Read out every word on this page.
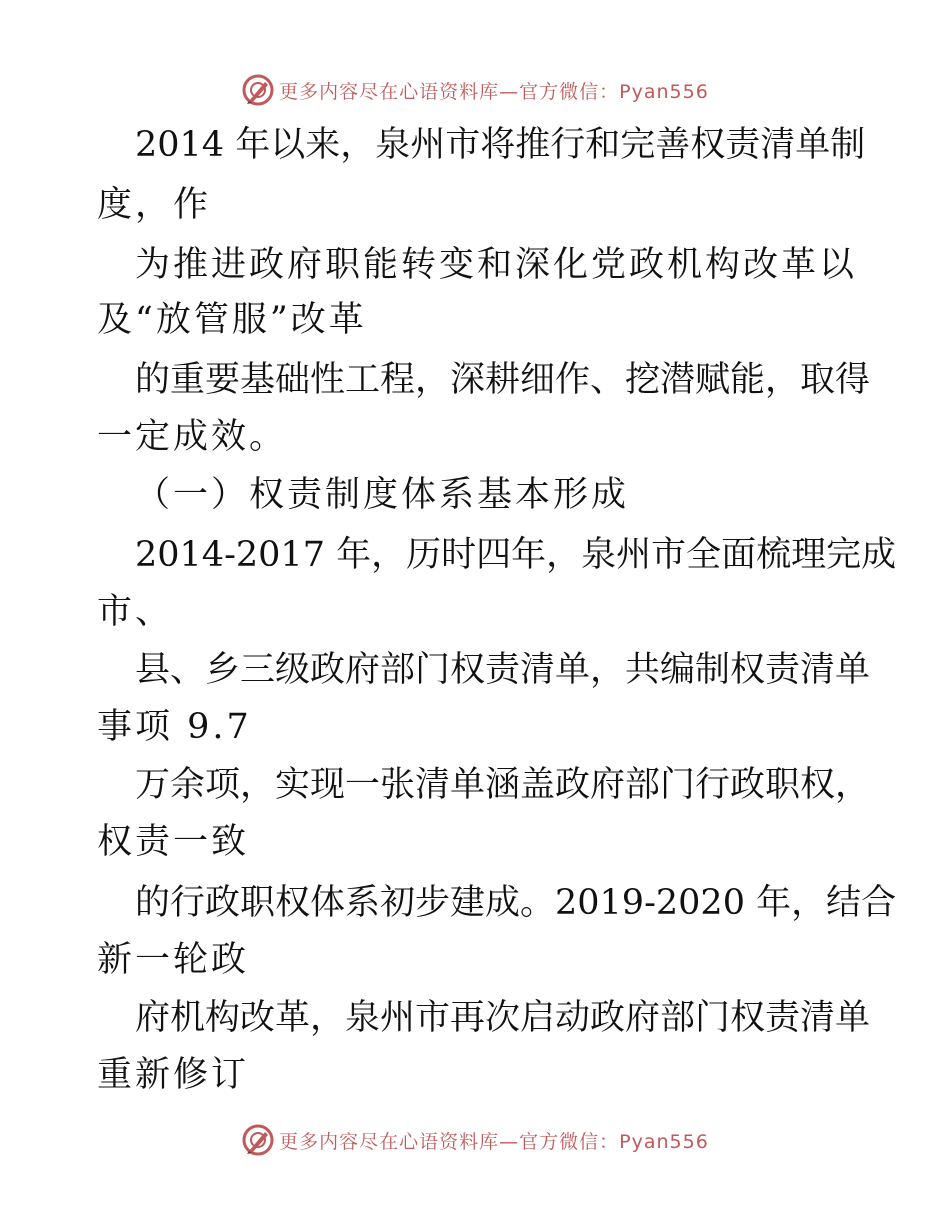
更多内容尽在心语资料库—官方微信：Pyan556
2014 年以来，泉州市将推行和完善权责清单制
度，作
为推进政府职能转变和深化党政机构改革以
及“放管服”改革
的重要基础性工程，深耕细作、挖潜赋能，取得
一定成效。
（一）权责制度体系基本形成
2014-2017 年，历时四年，泉州市全面梳理完成
市、
县、乡三级政府部门权责清单，共编制权责清单
事项 9.7
万余项，实现一张清单涵盖政府部门行政职权，
权责一致
的行政职权体系初步建成。2019-2020 年，结合
新一轮政
府机构改革，泉州市再次启动政府部门权责清单
重新修订
更多内容尽在心语资料库—官方微信：Pyan556
